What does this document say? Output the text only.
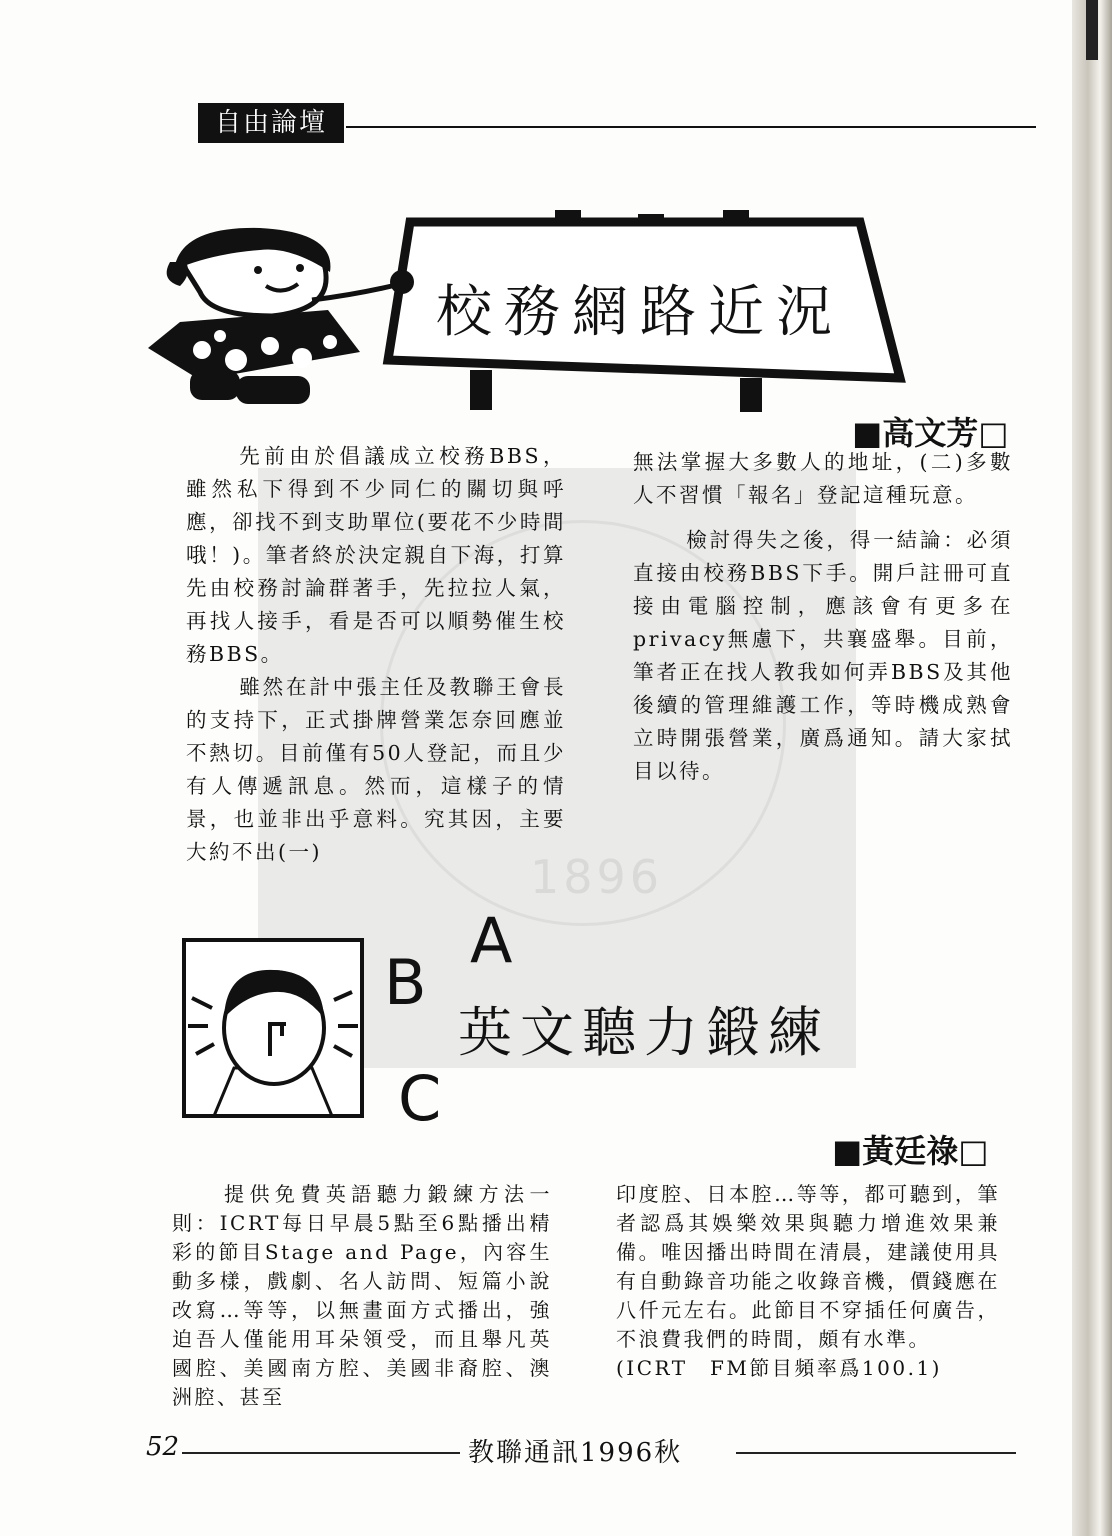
1896
自由論壇
校務網路近況
■高文芳□

先前由於倡議成立校務BBS，雖然私下得到不少同仁的關切與呼應，卻找不到支助單位(要花不少時間哦！)。筆者終於決定親自下海，打算先由校務討論群著手，先拉拉人氣，再找人接手，看是否可以順勢催生校務BBS。

雖然在計中張主任及教聯王會長的支持下，正式掛牌營業怎奈回應並不熱切。目前僅有50人登記，而且少有人傳遞訊息。然而，這樣子的情景，也並非出乎意料。究其因，主要大約不出(一)

無法掌握大多數人的地址，(二)多數人不習慣「報名」登記這種玩意。

檢討得失之後，得一結論：必須直接由校務BBS下手。開戶註冊可直接由電腦控制，應該會有更多在privacy無慮下，共襄盛舉。目前，筆者正在找人教我如何弄BBS及其他後續的管理維護工作，等時機成熟會立時開張營業，廣爲通知。請大家拭目以待。

A
B
C
英文聽力鍛練
■黃廷祿□

提供免費英語聽力鍛練方法一則：ICRT每日早晨5點至6點播出精彩的節目Stage and Page，內容生動多樣，戲劇、名人訪問、短篇小說改寫…等等，以無畫面方式播出，強迫吾人僅能用耳朵領受，而且舉凡英國腔、美國南方腔、美國非裔腔、澳洲腔、甚至

印度腔、日本腔…等等，都可聽到，筆者認爲其娛樂效果與聽力增進效果兼備。唯因播出時間在清晨，建議使用具有自動錄音功能之收錄音機，價錢應在八仟元左右。此節目不穿插任何廣告，不浪費我們的時間，頗有水準。

(ICRT　FM節目頻率爲100.1)

52	教聯通訊1996秋
